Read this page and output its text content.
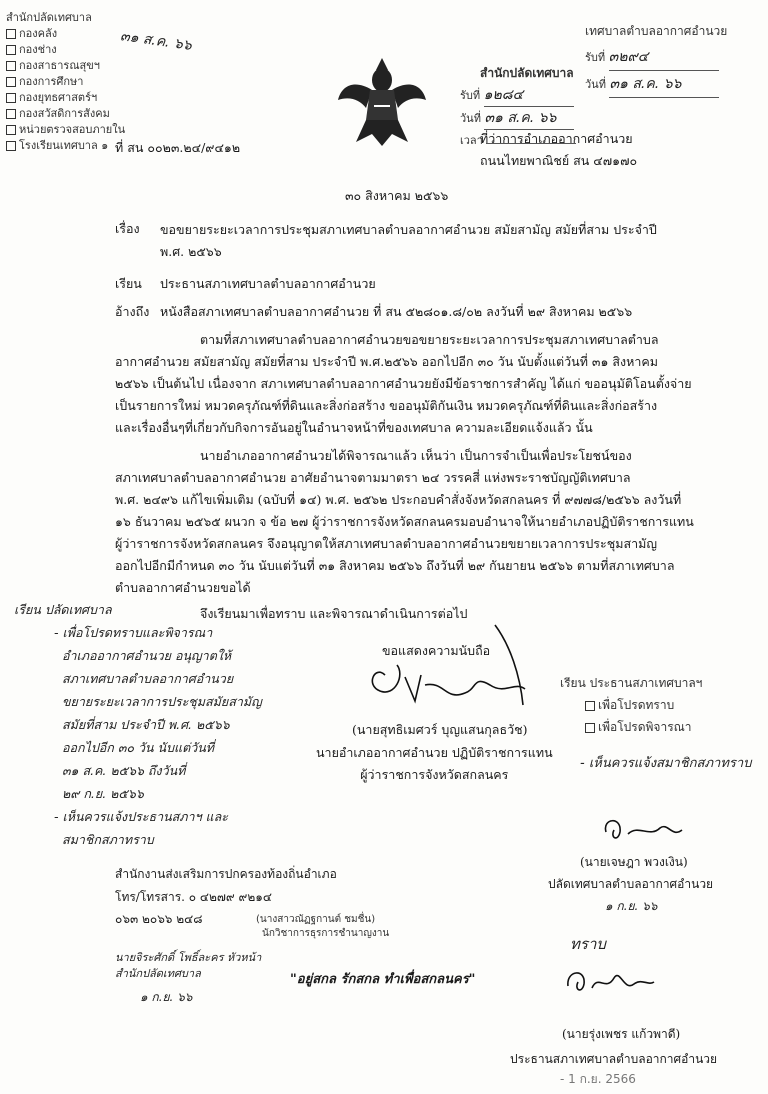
สำนักปลัดเทศบาล
กองคลัง
กองช่าง
กองสาธารณสุขฯ
กองการศึกษา
กองยุทธศาสตร์ฯ
กองสวัสดิการสังคม
หน่วยตรวจสอบภายใน
โรงเรียนเทศบาล ๑
๓๑ ส.ค. ๖๖
สำนักปลัดเทศบาล
รับที่ ๑๒๘๔
วันที่ ๓๑ ส.ค. ๖๖
เวลา
เทศบาลตำบลอากาศอำนวย
รับที่ ๓๒๙๔
วันที่ ๓๑ ส.ค. ๖๖
ที่ สน ๐๐๒๓.๒๔/๙๔๑๒
ที่ว่าการอำเภออากาศอำนวย
ถนนไทยพาณิชย์ สน ๔๗๑๗๐
๓๐ สิงหาคม ๒๕๖๖
เรื่อง ขอขยายระยะเวลาการประชุมสภาเทศบาลตำบลอากาศอำนวย สมัยสามัญ สมัยที่สาม ประจำปี
พ.ศ. ๒๕๖๖
เรียน ประธานสภาเทศบาลตำบลอากาศอำนวย
อ้างถึง หนังสือสภาเทศบาลตำบลอากาศอำนวย ที่ สน ๕๒๘๐๑.๘/๐๒ ลงวันที่ ๒๙ สิงหาคม ๒๕๖๖
ตามที่สภาเทศบาลตำบลอากาศอำนวยขอขยายระยะเวลาการประชุมสภาเทศบาลตำบล
อากาศอำนวย สมัยสามัญ สมัยที่สาม ประจำปี พ.ศ.๒๕๖๖ ออกไปอีก ๓๐ วัน นับตั้งแต่วันที่ ๓๑ สิงหาคม
๒๕๖๖ เป็นต้นไป เนื่องจาก สภาเทศบาลตำบลอากาศอำนวยยังมีข้อราชการสำคัญ ได้แก่ ขออนุมัติโอนตั้งจ่าย
เป็นรายการใหม่ หมวดครุภัณฑ์ที่ดินและสิ่งก่อสร้าง ขออนุมัติกันเงิน หมวดครุภัณฑ์ที่ดินและสิ่งก่อสร้าง
และเรื่องอื่นๆที่เกี่ยวกับกิจการอันอยู่ในอำนาจหน้าที่ของเทศบาล ความละเอียดแจ้งแล้ว นั้น
นายอำเภออากาศอำนวยได้พิจารณาแล้ว เห็นว่า เป็นการจำเป็นเพื่อประโยชน์ของ
สภาเทศบาลตำบลอากาศอำนวย อาศัยอำนาจตามมาตรา ๒๔ วรรคสี่ แห่งพระราชบัญญัติเทศบาล
พ.ศ. ๒๔๙๖ แก้ไขเพิ่มเติม (ฉบับที่ ๑๔) พ.ศ. ๒๕๖๒ ประกอบคำสั่งจังหวัดสกลนคร ที่ ๙๗๗๘/๒๕๖๖ ลงวันที่
๑๖ ธันวาคม ๒๕๖๕ ผนวก จ ข้อ ๒๗ ผู้ว่าราชการจังหวัดสกลนครมอบอำนาจให้นายอำเภอปฏิบัติราชการแทน
ผู้ว่าราชการจังหวัดสกลนคร จึงอนุญาตให้สภาเทศบาลตำบลอากาศอำนวยขยายเวลาการประชุมสามัญ
ออกไปอีกมีกำหนด ๓๐ วัน นับแต่วันที่ ๓๑ สิงหาคม ๒๕๖๖ ถึงวันที่ ๒๙ กันยายน ๒๕๖๖ ตามที่สภาเทศบาล
ตำบลอากาศอำนวยขอได้
จึงเรียนมาเพื่อทราบ และพิจารณาดำเนินการต่อไป
ขอแสดงความนับถือ
(นายสุทธิเมศวร์ บุญแสนกุลธวัช)
นายอำเภออากาศอำนวย ปฏิบัติราชการแทน
ผู้ว่าราชการจังหวัดสกลนคร
เรียน ปลัดเทศบาล
- เพื่อโปรดทราบและพิจารณา
อำเภออากาศอำนวย อนุญาตให้
สภาเทศบาลตำบลอากาศอำนวย
ขยายระยะเวลาการประชุมสมัยสามัญ
สมัยที่สาม ประจำปี พ.ศ. ๒๕๖๖
ออกไปอีก ๓๐ วัน นับแต่วันที่
๓๑ ส.ค. ๒๕๖๖ ถึงวันที่
๒๙ ก.ย. ๒๕๖๖
- เห็นควรแจ้งประธานสภาฯ และ
สมาชิกสภาทราบ
สำนักงานส่งเสริมการปกครองท้องถิ่นอำเภอ
โทร/โทรสาร. ๐ ๔๒๗๙ ๙๒๑๔
๐๖๓ ๒๐๖๖ ๒๔๘	(นางสาวณัฏฐกานต์ ชมชื่น)
นักวิชาการธุรการชำนาญงาน
นายจิระศักดิ์ โพธิ์ละคร หัวหน้าสำนักปลัดเทศบาล
๑ ก.ย. ๖๖
"อยู่สกล รักสกล ทำเพื่อสกลนคร"
เรียน ประธานสภาเทศบาลฯ
เพื่อโปรดทราบ
เพื่อโปรดพิจารณา
- เห็นควรแจ้งสมาชิกสภาทราบ
(นายเจษฎา พวงเงิน)
ปลัดเทศบาลตำบลอากาศอำนวย
๑ ก.ย. ๖๖
ทราบ
(นายรุ่งเพชร แก้วพาดี)
ประธานสภาเทศบาลตำบลอากาศอำนวย
- 1 ก.ย. 2566
